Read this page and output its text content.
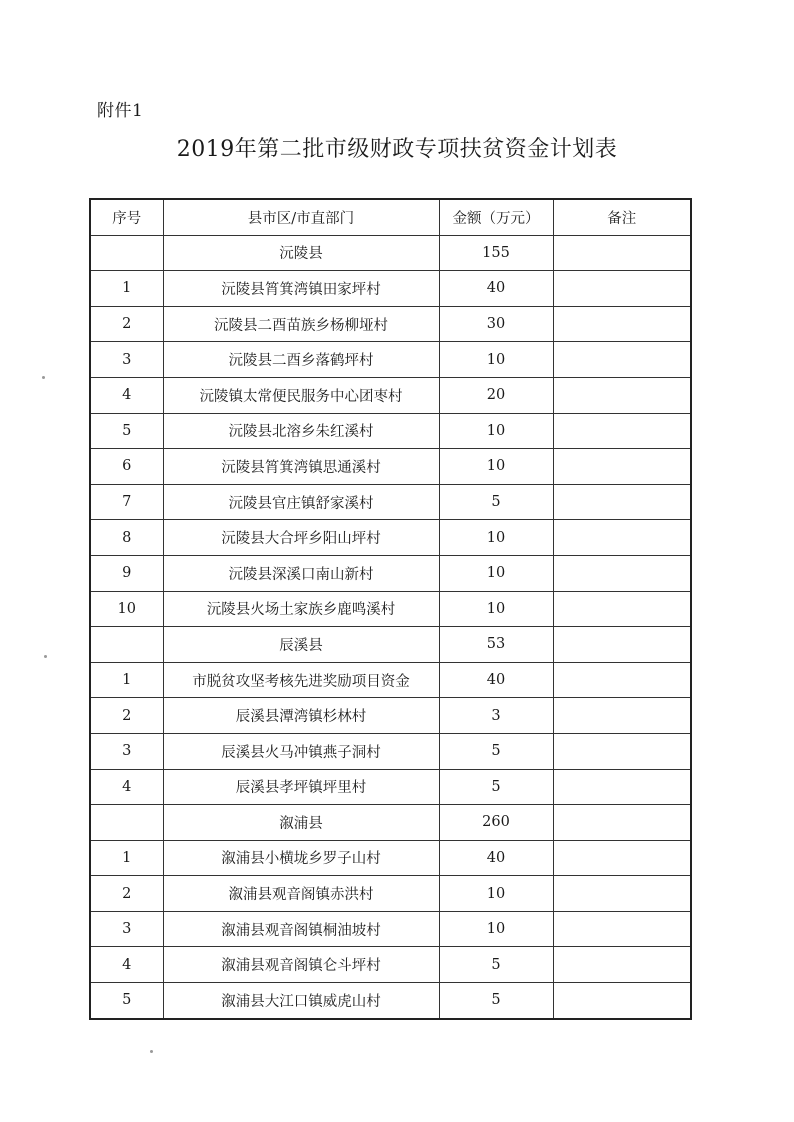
附件1
2019年第二批市级财政专项扶贫资金计划表
序号	县市区/市直部门	金额（万元）	备注
	沅陵县	155	
1	沅陵县筲箕湾镇田家坪村	40	
2	沅陵县二酉苗族乡杨柳垭村	30	
3	沅陵县二酉乡落鹤坪村	10	
4	沅陵镇太常便民服务中心团枣村	20	
5	沅陵县北溶乡朱红溪村	10	
6	沅陵县筲箕湾镇思通溪村	10	
7	沅陵县官庄镇舒家溪村	5	
8	沅陵县大合坪乡阳山坪村	10	
9	沅陵县深溪口南山新村	10	
10	沅陵县火场土家族乡鹿鸣溪村	10	
	辰溪县	53	
1	市脱贫攻坚考核先进奖励项目资金	40	
2	辰溪县潭湾镇杉林村	3	
3	辰溪县火马冲镇燕子洞村	5	
4	辰溪县孝坪镇坪里村	5	
	溆浦县	260	
1	溆浦县小横垅乡罗子山村	40	
2	溆浦县观音阁镇赤洪村	10	
3	溆浦县观音阁镇桐油坡村	10	
4	溆浦县观音阁镇仑斗坪村	5	
5	溆浦县大江口镇威虎山村	5	
